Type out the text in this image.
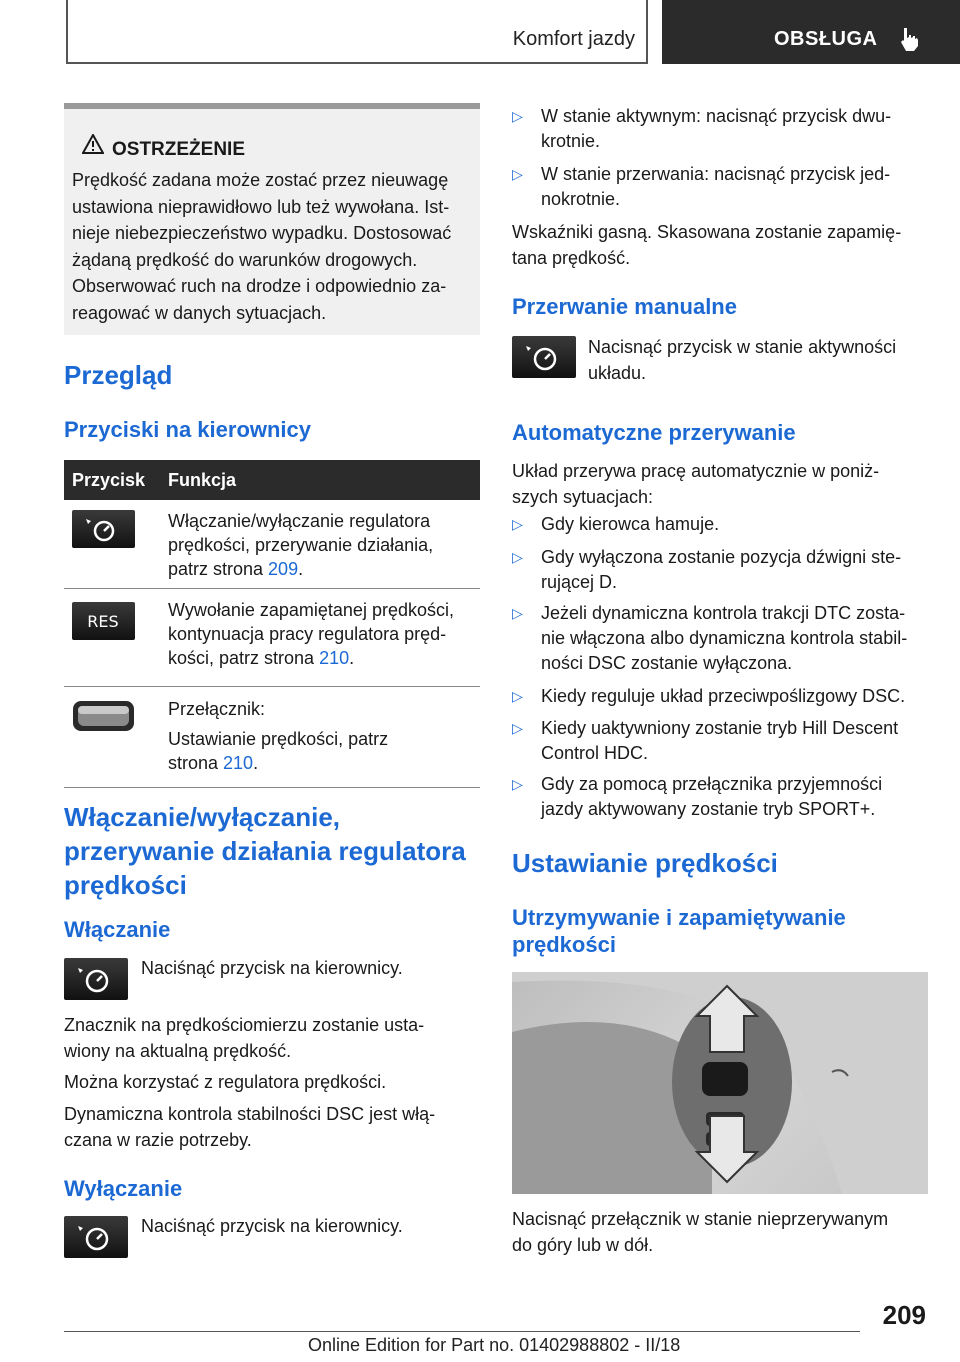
Komfort jazdy	OBSŁUGA
OSTRZEŻENIE
Prędkość zadana może zostać przez nieuwagę
ustawiona nieprawidłowo lub też wywołana. Ist-
nieje niebezpieczeństwo wypadku. Dostosować
żądaną prędkość do warunków drogowych.
Obserwować ruch na drodze i odpowiednio za-
reagować w danych sytuacjach.
Przegląd
Przyciski na kierownicy
Przycisk Funkcja
Włączanie/wyłączanie regulatora
prędkości, przerywanie działania,
patrz strona 209.
RES
Wywołanie zapamiętanej prędkości,
kontynuacja pracy regulatora pręd-
kości, patrz strona 210.
Przełącznik:
Ustawianie prędkości, patrz
strona 210.
Włączanie/wyłączanie,
przerywanie działania regulatora
prędkości
Włączanie
Naciśnąć przycisk na kierownicy.
Znacznik na prędkościomierzu zostanie usta-
wiony na aktualną prędkość.
Można korzystać z regulatora prędkości.
Dynamiczna kontrola stabilności DSC jest włą-
czana w razie potrzeby.
Wyłączanie
Naciśnąć przycisk na kierownicy.
▷ W stanie aktywnym: nacisnąć przycisk dwu-
krotnie.
▷ W stanie przerwania: nacisnąć przycisk jed-
nokrotnie.
Wskaźniki gasną. Skasowana zostanie zapamię-
tana prędkość.
Przerwanie manualne
Nacisnąć przycisk w stanie aktywności
układu.
Automatyczne przerywanie
Układ przerywa pracę automatycznie w poniż-
szych sytuacjach:
▷ Gdy kierowca hamuje.
▷ Gdy wyłączona zostanie pozycja dźwigni ste-
rującej D.
▷ Jeżeli dynamiczna kontrola trakcji DTC zosta-
nie włączona albo dynamiczna kontrola stabil-
ności DSC zostanie wyłączona.
▷ Kiedy reguluje układ przeciwpoślizgowy DSC.
▷ Kiedy uaktywniony zostanie tryb Hill Descent
Control HDC.
▷ Gdy za pomocą przełącznika przyjemności
jazdy aktywowany zostanie tryb SPORT+.
Ustawianie prędkości
Utrzymywanie i zapamiętywanie
prędkości
Nacisnąć przełącznik w stanie nieprzerywanym
do góry lub w dół.
209
Online Edition for Part no. 01402988802 - II/18
